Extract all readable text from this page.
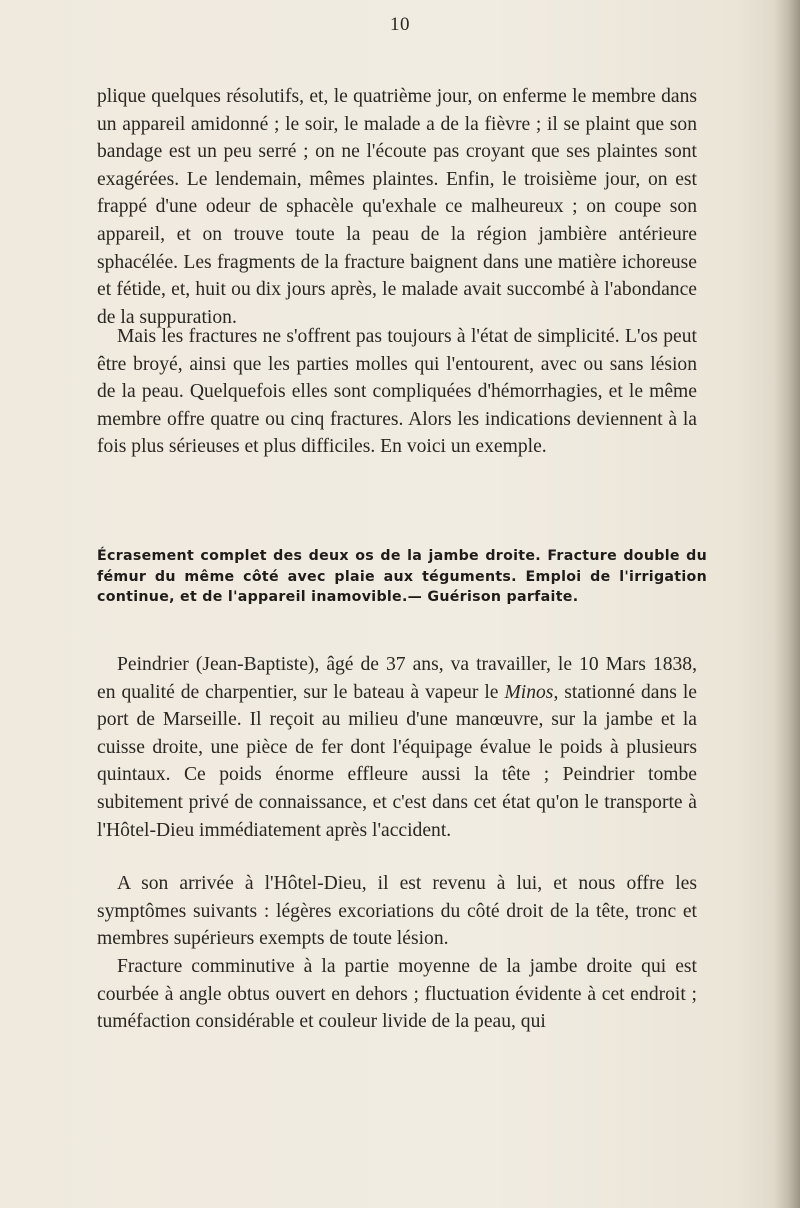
10

plique quelques résolutifs, et, le quatrième jour, on enferme le membre dans un appareil amidonné ; le soir, le malade a de la fièvre ; il se plaint que son bandage est un peu serré ; on ne l'écoute pas croyant que ses plaintes sont exagérées. Le lendemain, mêmes plaintes. Enfin, le troisième jour, on est frappé d'une odeur de sphacèle qu'exhale ce malheureux ; on coupe son appareil, et on trouve toute la peau de la région jambière antérieure sphacélée. Les fragments de la fracture baignent dans une matière ichoreuse et fétide, et, huit ou dix jours après, le malade avait succombé à l'abondance de la suppuration.

Mais les fractures ne s'offrent pas toujours à l'état de simplicité. L'os peut être broyé, ainsi que les parties molles qui l'entourent, avec ou sans lésion de la peau. Quelquefois elles sont compliquées d'hémorrhagies, et le même membre offre quatre ou cinq fractures. Alors les indications deviennent à la fois plus sérieuses et plus difficiles. En voici un exemple.

Écrasement complet des deux os de la jambe droite. Fracture double du fémur du même côté avec plaie aux téguments. Emploi de l'irrigation continue, et de l'appareil inamovible.— Guérison parfaite.

Peindrier (Jean-Baptiste), âgé de 37 ans, va travailler, le 10 Mars 1838, en qualité de charpentier, sur le bateau à vapeur le Minos, stationné dans le port de Marseille. Il reçoit au milieu d'une manœuvre, sur la jambe et la cuisse droite, une pièce de fer dont l'équipage évalue le poids à plusieurs quintaux. Ce poids énorme effleure aussi la tête ; Peindrier tombe subitement privé de connaissance, et c'est dans cet état qu'on le transporte à l'Hôtel-Dieu immédiatement après l'accident.

A son arrivée à l'Hôtel-Dieu, il est revenu à lui, et nous offre les symptômes suivants : légères excoriations du côté droit de la tête, tronc et membres supérieurs exempts de toute lésion.

Fracture comminutive à la partie moyenne de la jambe droite qui est courbée à angle obtus ouvert en dehors ; fluctuation évidente à cet endroit ; tuméfaction considérable et couleur livide de la peau, qui
